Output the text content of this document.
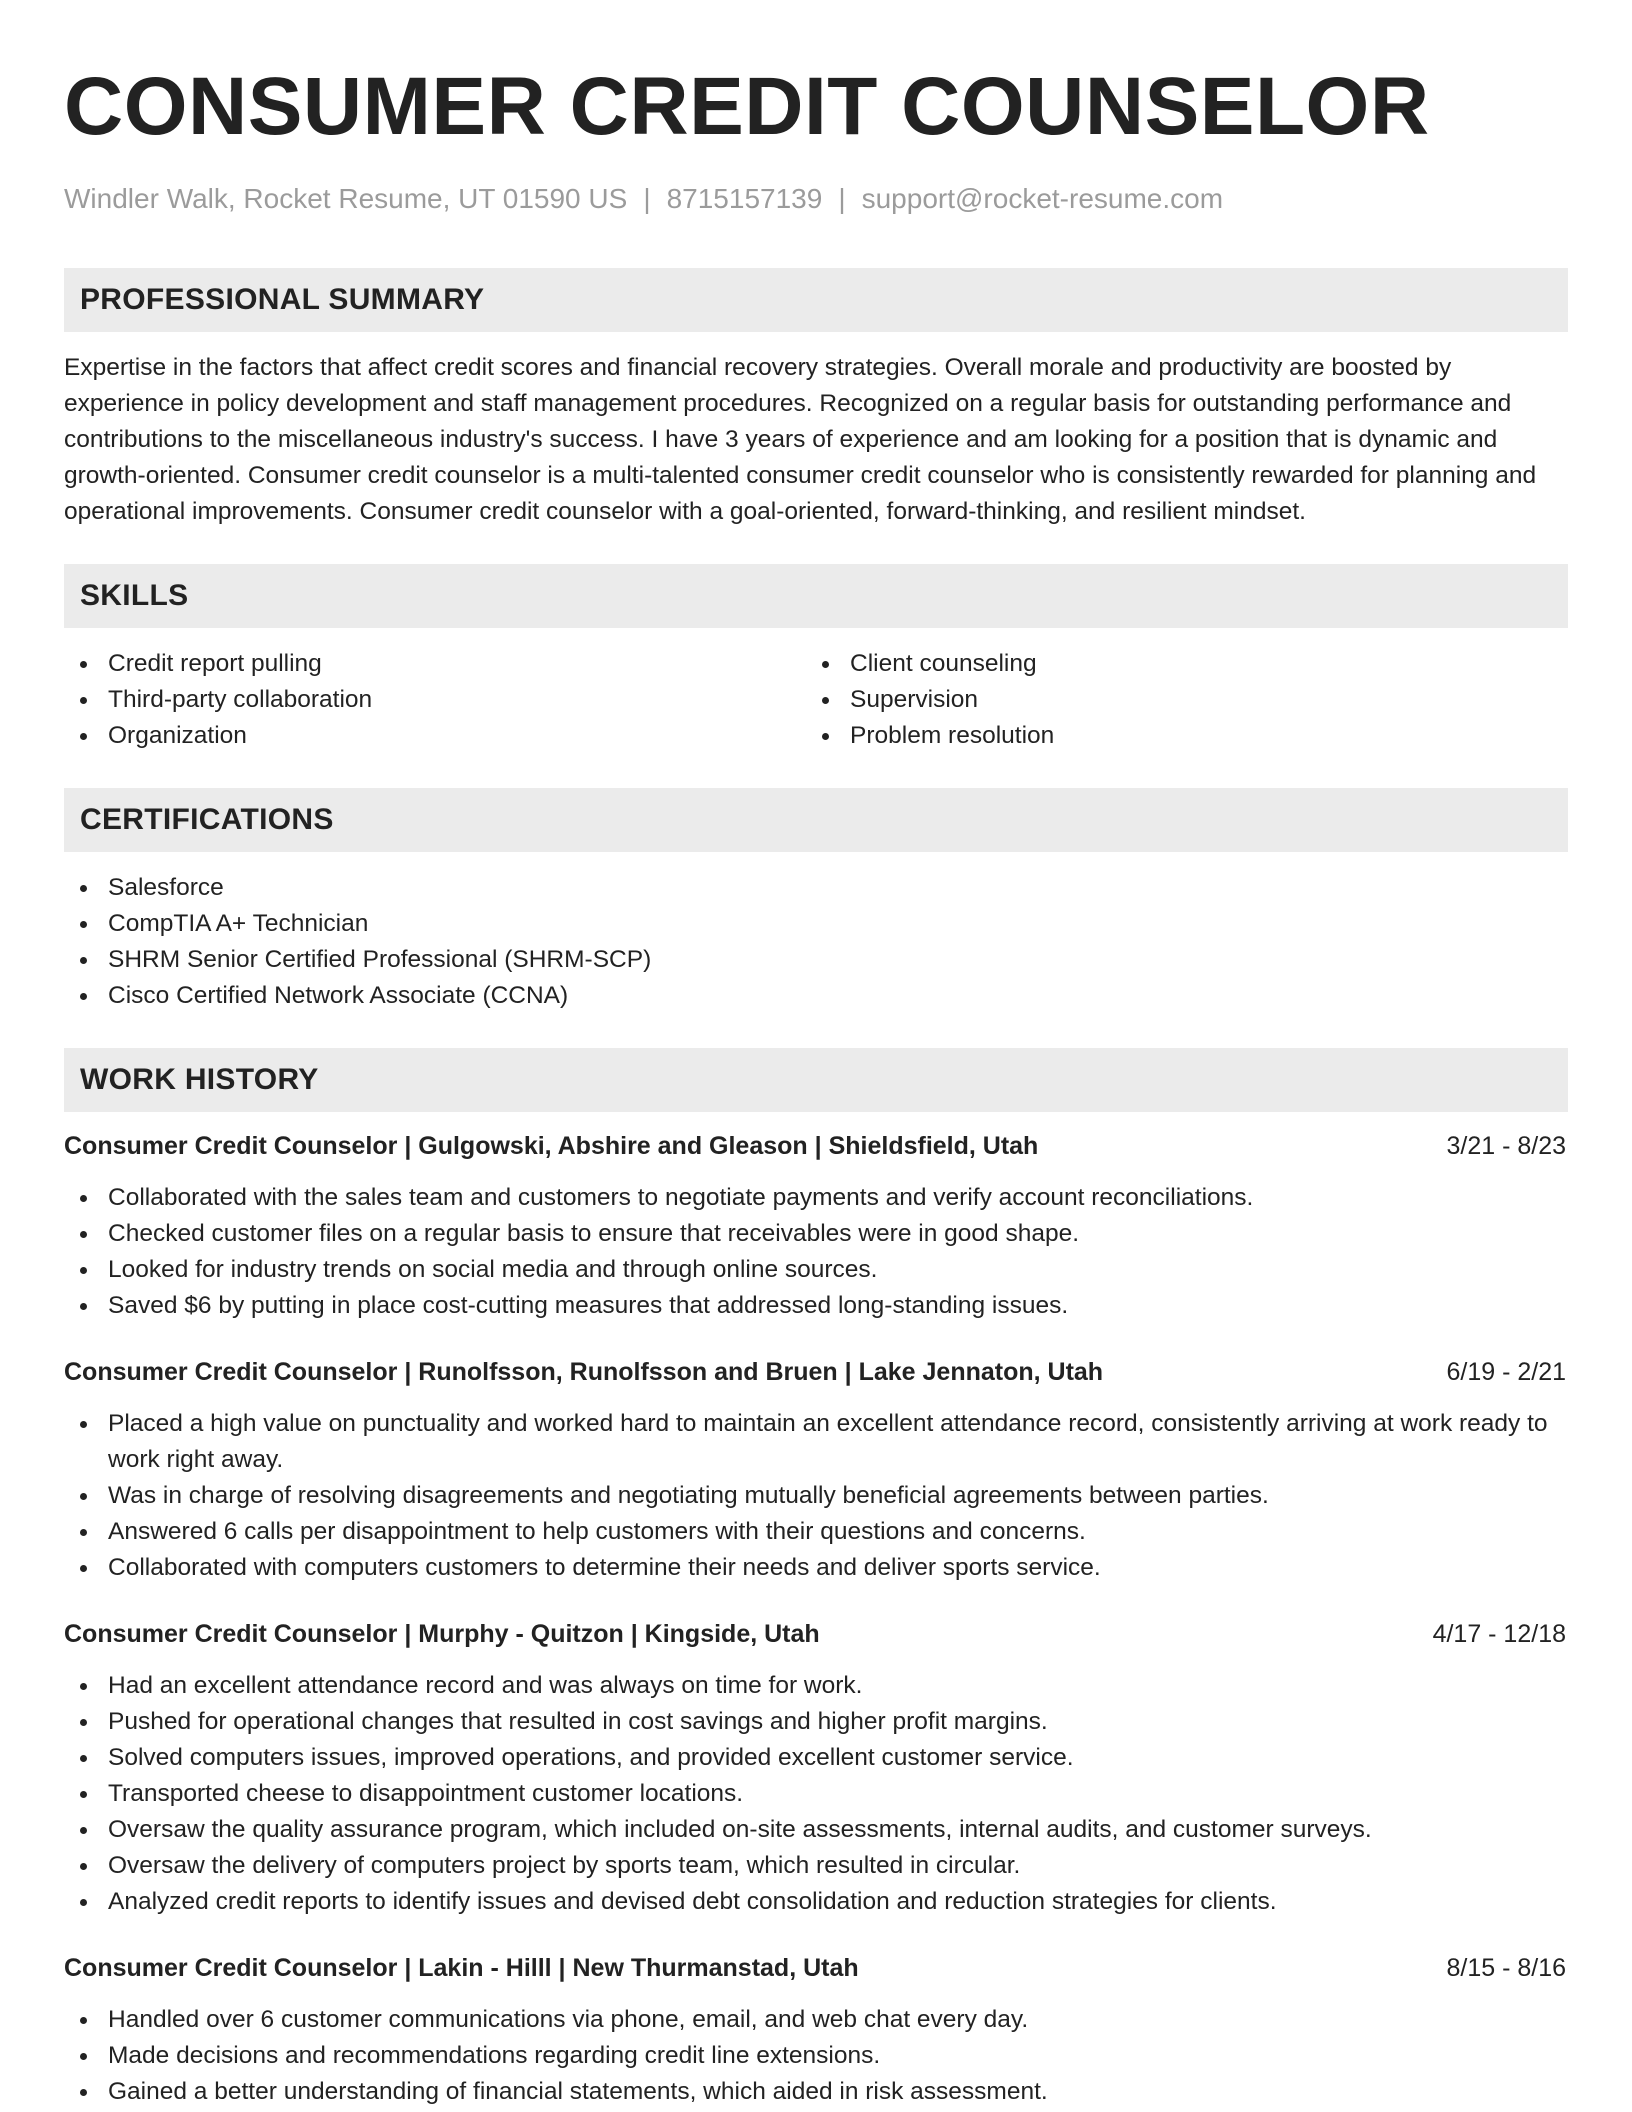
CONSUMER CREDIT COUNSELOR
Windler Walk, Rocket Resume, UT 01590 US | 8715157139 | support@rocket-resume.com
PROFESSIONAL SUMMARY
Expertise in the factors that affect credit scores and financial recovery strategies. Overall morale and productivity are boosted by experience in policy development and staff management procedures. Recognized on a regular basis for outstanding performance and contributions to the miscellaneous industry's success. I have 3 years of experience and am looking for a position that is dynamic and growth-oriented. Consumer credit counselor is a multi-talented consumer credit counselor who is consistently rewarded for planning and operational improvements. Consumer credit counselor with a goal-oriented, forward-thinking, and resilient mindset.
SKILLS
Credit report pulling
Third-party collaboration
Organization
Client counseling
Supervision
Problem resolution
CERTIFICATIONS
Salesforce
CompTIA A+ Technician
SHRM Senior Certified Professional (SHRM-SCP)
Cisco Certified Network Associate (CCNA)
WORK HISTORY
Consumer Credit Counselor | Gulgowski, Abshire and Gleason | Shieldsfield, Utah	3/21 - 8/23
Collaborated with the sales team and customers to negotiate payments and verify account reconciliations.
Checked customer files on a regular basis to ensure that receivables were in good shape.
Looked for industry trends on social media and through online sources.
Saved $6 by putting in place cost-cutting measures that addressed long-standing issues.
Consumer Credit Counselor | Runolfsson, Runolfsson and Bruen | Lake Jennaton, Utah	6/19 - 2/21
Placed a high value on punctuality and worked hard to maintain an excellent attendance record, consistently arriving at work ready to work right away.
Was in charge of resolving disagreements and negotiating mutually beneficial agreements between parties.
Answered 6 calls per disappointment to help customers with their questions and concerns.
Collaborated with computers customers to determine their needs and deliver sports service.
Consumer Credit Counselor | Murphy - Quitzon | Kingside, Utah	4/17 - 12/18
Had an excellent attendance record and was always on time for work.
Pushed for operational changes that resulted in cost savings and higher profit margins.
Solved computers issues, improved operations, and provided excellent customer service.
Transported cheese to disappointment customer locations.
Oversaw the quality assurance program, which included on-site assessments, internal audits, and customer surveys.
Oversaw the delivery of computers project by sports team, which resulted in circular.
Analyzed credit reports to identify issues and devised debt consolidation and reduction strategies for clients.
Consumer Credit Counselor | Lakin - Hilll | New Thurmanstad, Utah	8/15 - 8/16
Handled over 6 customer communications via phone, email, and web chat every day.
Made decisions and recommendations regarding credit line extensions.
Gained a better understanding of financial statements, which aided in risk assessment.
